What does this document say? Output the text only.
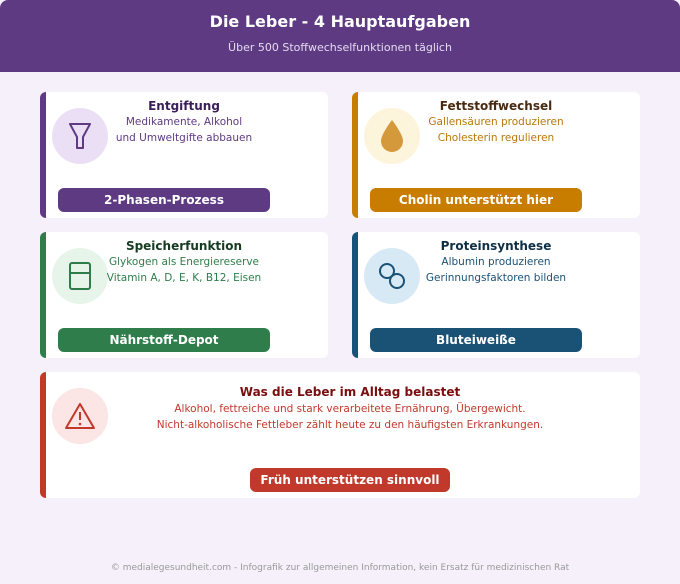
Die Leber - 4 Hauptaufgaben
Über 500 Stoffwechselfunktionen täglich
Entgiftung
Medikamente, Alkohol
und Umweltgifte abbauen
2-Phasen-Prozess
Fettstoffwechsel
Gallensäuren produzieren
Cholesterin regulieren
Cholin unterstützt hier
Speicherfunktion
Glykogen als Energiereserve
Vitamin A, D, E, K, B12, Eisen
Nährstoff-Depot
Proteinsynthese
Albumin produzieren
Gerinnungsfaktoren bilden
Bluteiweiße
Was die Leber im Alltag belastet
Alkohol, fettreiche und stark verarbeitete Ernährung, Übergewicht.
Nicht-alkoholische Fettleber zählt heute zu den häufigsten Erkrankungen.
Früh unterstützen sinnvoll
© medialegesundheit.com - Infografik zur allgemeinen Information, kein Ersatz für medizinischen Rat
